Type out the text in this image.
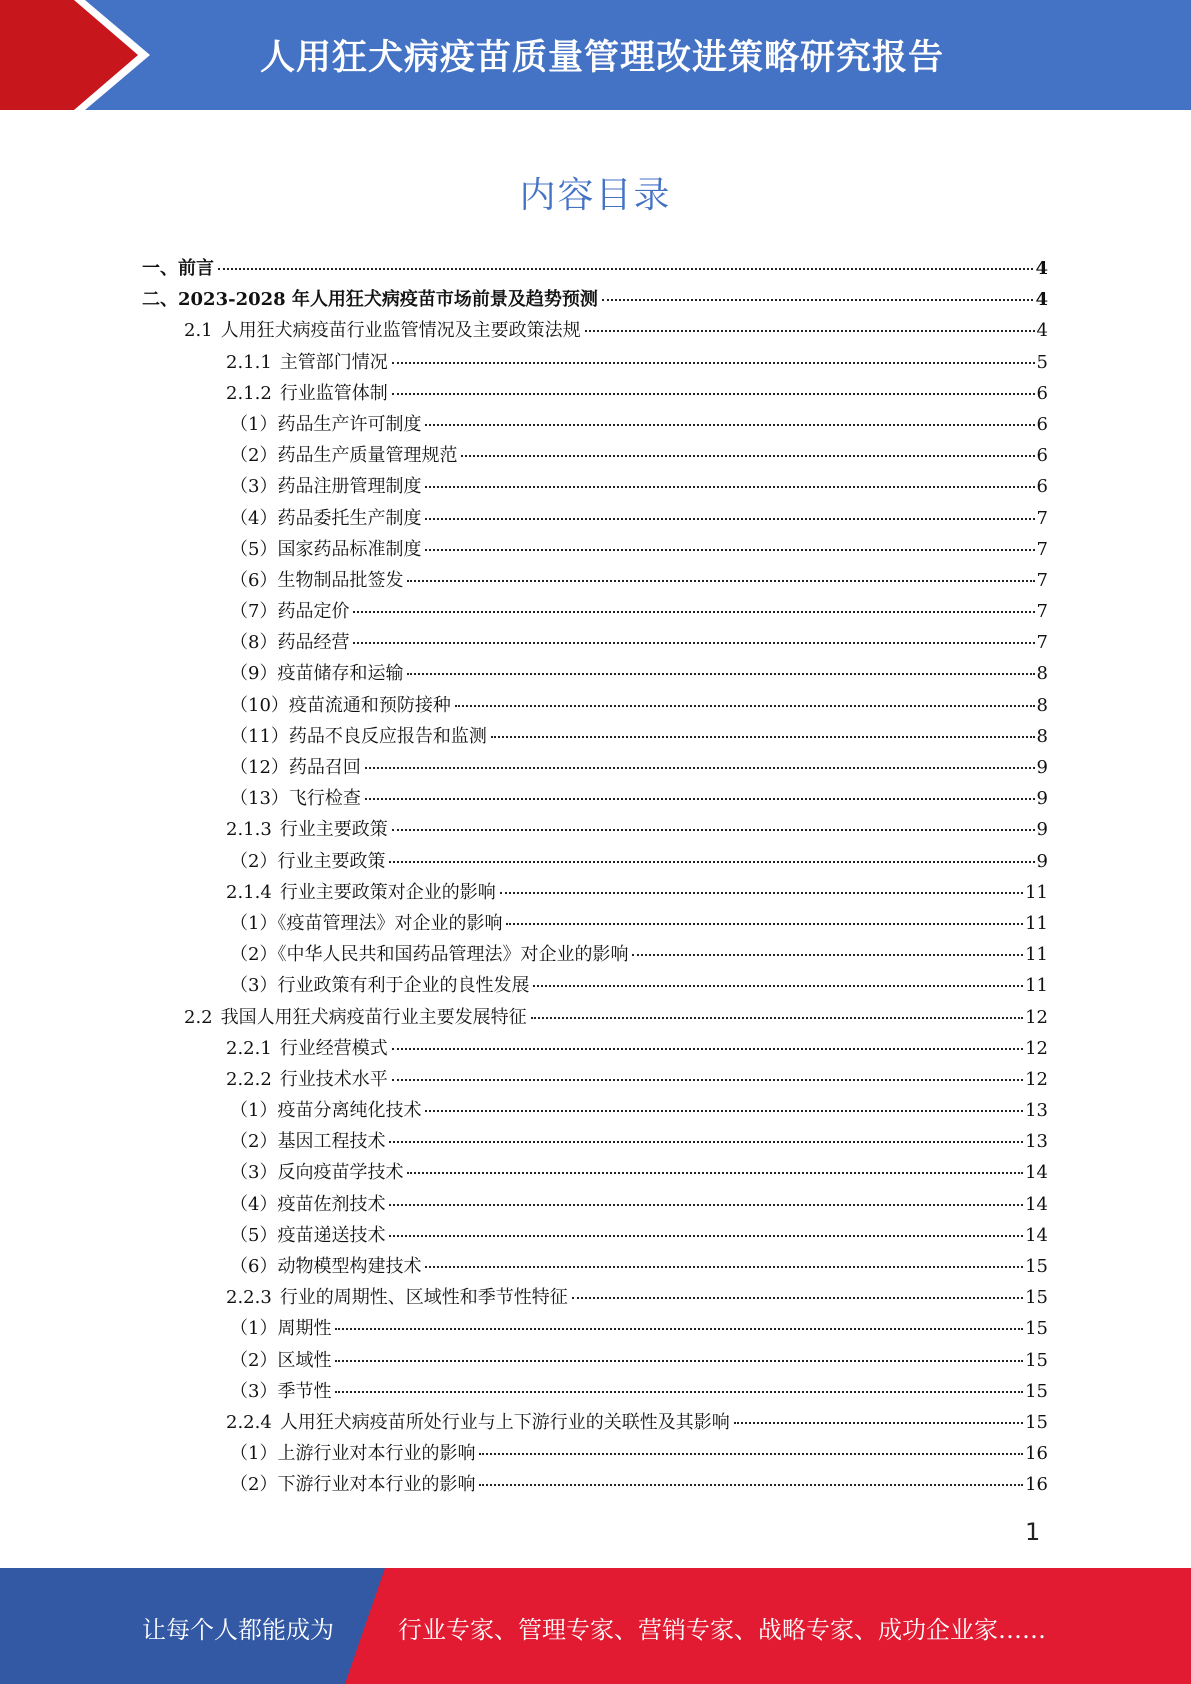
人用狂犬病疫苗质量管理改进策略研究报告
内容目录
一、前言	4
二、2023-2028 年人用狂犬病疫苗市场前景及趋势预测	4
2.1 人用狂犬病疫苗行业监管情况及主要政策法规	4
2.1.1 主管部门情况	5
2.1.2 行业监管体制	6
（1）药品生产许可制度	6
（2）药品生产质量管理规范	6
（3）药品注册管理制度	6
（4）药品委托生产制度	7
（5）国家药品标准制度	7
（6）生物制品批签发	7
（7）药品定价	7
（8）药品经营	7
（9）疫苗储存和运输	8
（10）疫苗流通和预防接种	8
（11）药品不良反应报告和监测	8
（12）药品召回	9
（13）飞行检查	9
2.1.3 行业主要政策	9
（2）行业主要政策	9
2.1.4 行业主要政策对企业的影响	11
（1）《疫苗管理法》对企业的影响	11
（2）《中华人民共和国药品管理法》对企业的影响	11
（3）行业政策有利于企业的良性发展	11
2.2 我国人用狂犬病疫苗行业主要发展特征	12
2.2.1 行业经营模式	12
2.2.2 行业技术水平	12
（1）疫苗分离纯化技术	13
（2）基因工程技术	13
（3）反向疫苗学技术	14
（4）疫苗佐剂技术	14
（5）疫苗递送技术	14
（6）动物模型构建技术	15
2.2.3 行业的周期性、区域性和季节性特征	15
（1）周期性	15
（2）区域性	15
（3）季节性	15
2.2.4 人用狂犬病疫苗所处行业与上下游行业的关联性及其影响	15
（1）上游行业对本行业的影响	16
（2）下游行业对本行业的影响	16
1
让每个人都能成为	行业专家、管理专家、营销专家、战略专家、成功企业家……
